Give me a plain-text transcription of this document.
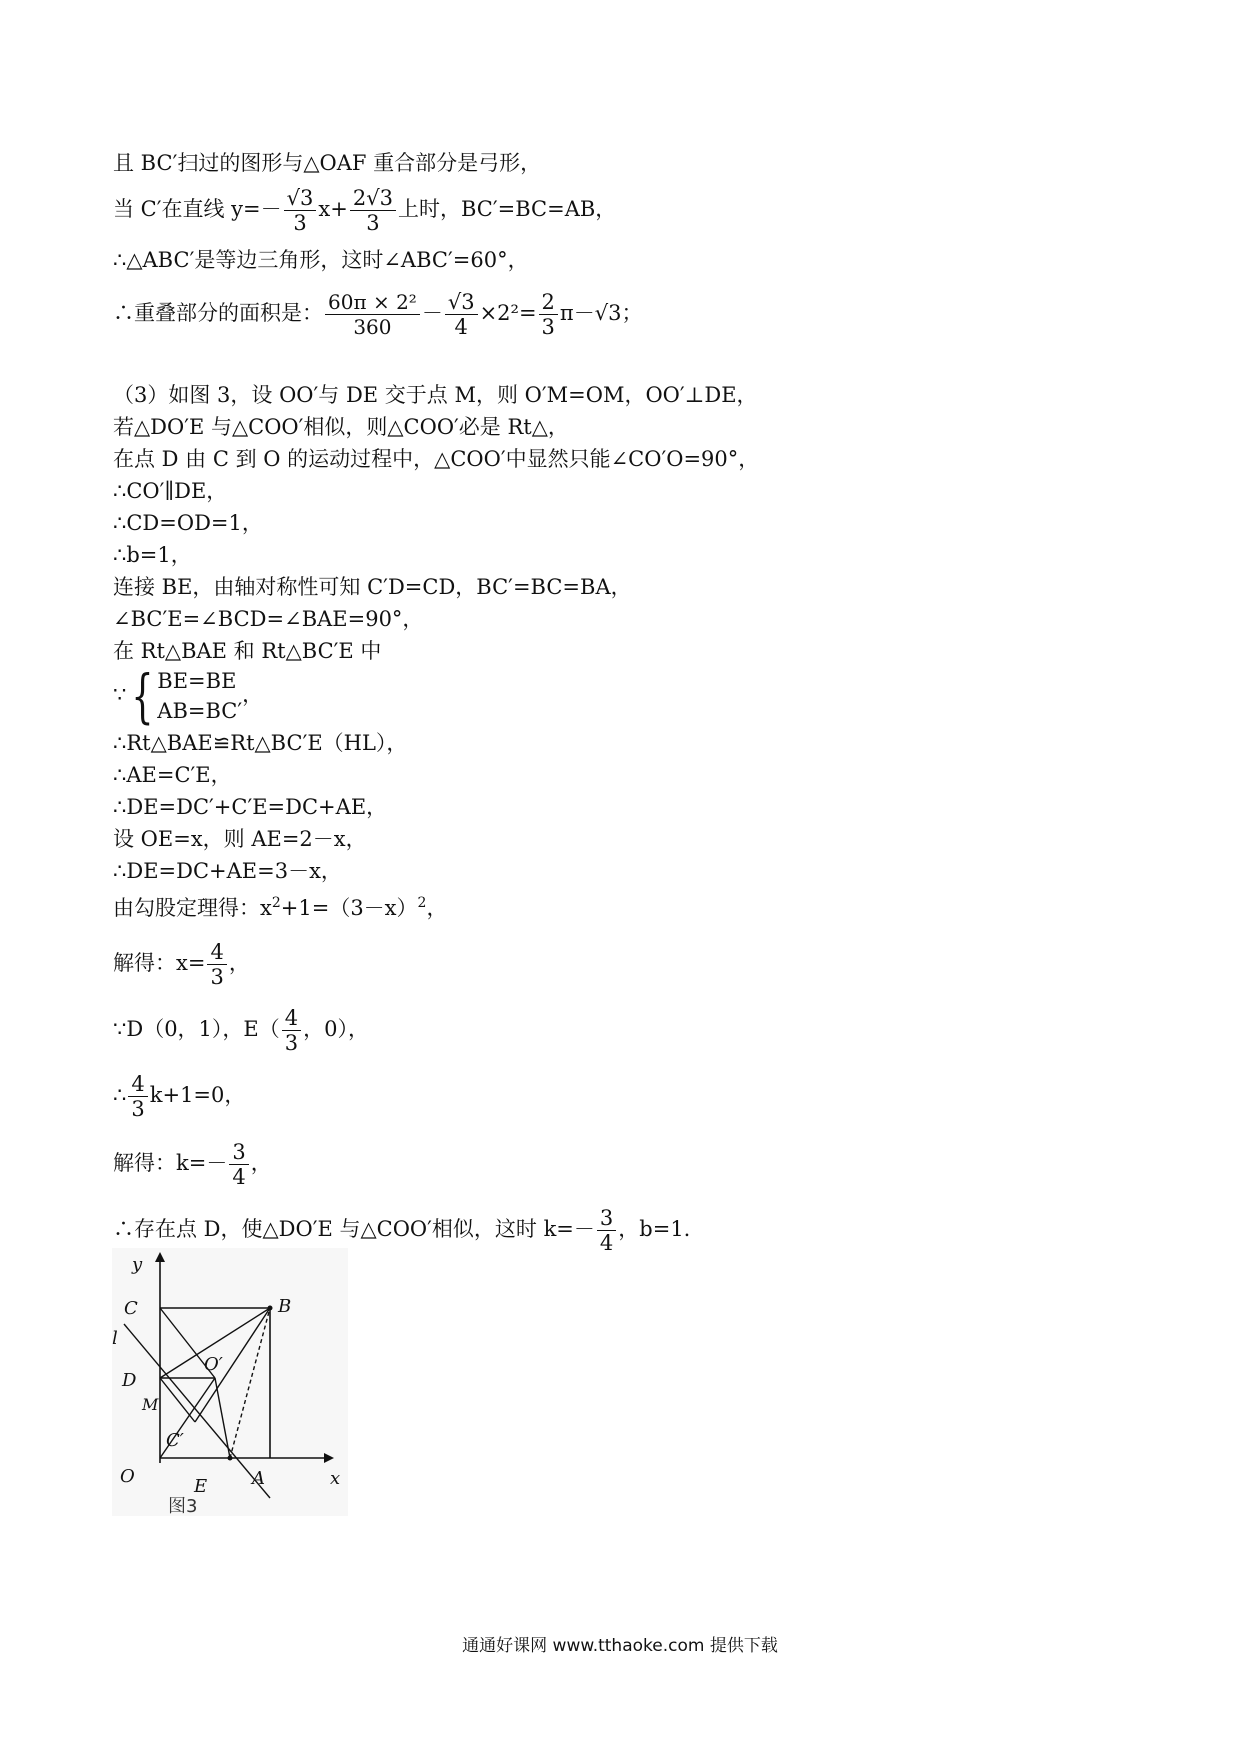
且 BC′扫过的图形与△OAF 重合部分是弓形，
当 C′在直线 $y=- \frac{√3}{3} x+ \frac{2√3}{3}$ 上时，BC′=BC=AB，
∴△ABC′是等边三角形，这时∠ABC′=60°，
∴重叠部分的面积是： $\frac{\text{60π × 2²}}{360} - \frac{√3}{4} \times 2^2= \frac{2}{3} \pi-√3$；
（3）如图 3，设 OO′与 DE 交于点 M，则 O′M=OM，OO′⊥DE，
若△DO′E 与△COO′相似，则△COO′必是 Rt△，
在点 D 由 C 到 O 的运动过程中，△COO′中显然只能∠CO′O=90°，
∴CO′∥DE，
∴CD=OD=1，
∴b=1，
连接 BE，由轴对称性可知 C′D=CD，BC′=BC=BA，
∠BC′E=∠BCD=∠BAE=90°，
在 Rt△BAE 和 Rt△BC′E 中
∵{ BE=BE
AB=BC′
，
∴Rt△BAE≌Rt△BC′E（HL），
∴AE=C′E，
∴DE=DC′+C′E=DC+AE，
设 OE=x，则 AE=2－x，
∴DE=DC+AE=3－x，
由勾股定理得：$x^2+1=(3-x)^2$，
解得：$x= \frac{4}{3}$ ，
∵D（0，1），$E( \frac{4}{3}$ ，0），
∴ $\frac{4}{3} k+1=0$，
解得：$k=- \frac{3}{4}$ ，
∴存在点 D，使△DO′E 与△COO′相似，这时 $k=- \frac{3}{4}$ ，b=1.
y
x
C	B
l
O′
D
M
C′
O	E A
图3
通通好课网 www.tthaoke.com 提供下载
